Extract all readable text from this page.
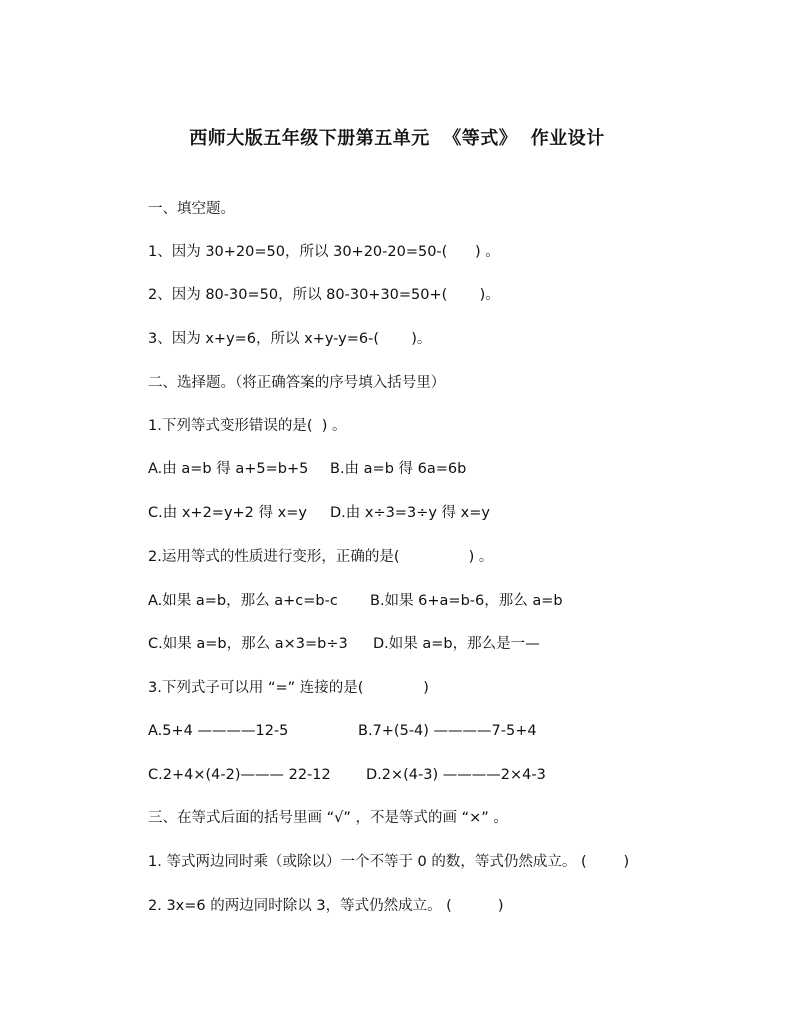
西师大版五年级下册第五单元  《等式》  作业设计
一、填空题。
1、因为 30+20=50，所以 30+20-20=50-(      ) 。
2、因为 80-30=50，所以 80-30+30=50+(       )。
3、因为 x+y=6，所以 x+y-y=6-(       )。
二、选择题。（将正确答案的序号填入括号里）
1.下列等式变形错误的是(  ) 。
A.由 a=b 得 a+5=b+5 B.由 a=b 得 6a=6b
C.由 x+2=y+2 得 x=y D.由 x÷3=3÷y 得 x=y
2.运用等式的性质进行变形，正确的是(               ) 。
A.如果 a=b，那么 a+c=b-c B.如果 6+a=b-6，那么 a=b
C.如果 a=b，那么 a×3=b÷3 D.如果 a=b，那么是一—
3.下列式子可以用 “=” 连接的是(             )
A.5+4 ————12-5	B.7+(5-4) ————7-5+4
C.2+4×(4-2)——— 22-12 D.2×(4-3) ————2×4-3
三、在等式后面的括号里画 “√” ，不是等式的画 “×” 。
1. 等式两边同时乘（或除以）一个不等于 0 的数，等式仍然成立。 (        )
2. 3x=6 的两边同时除以 3，等式仍然成立。 (          )
